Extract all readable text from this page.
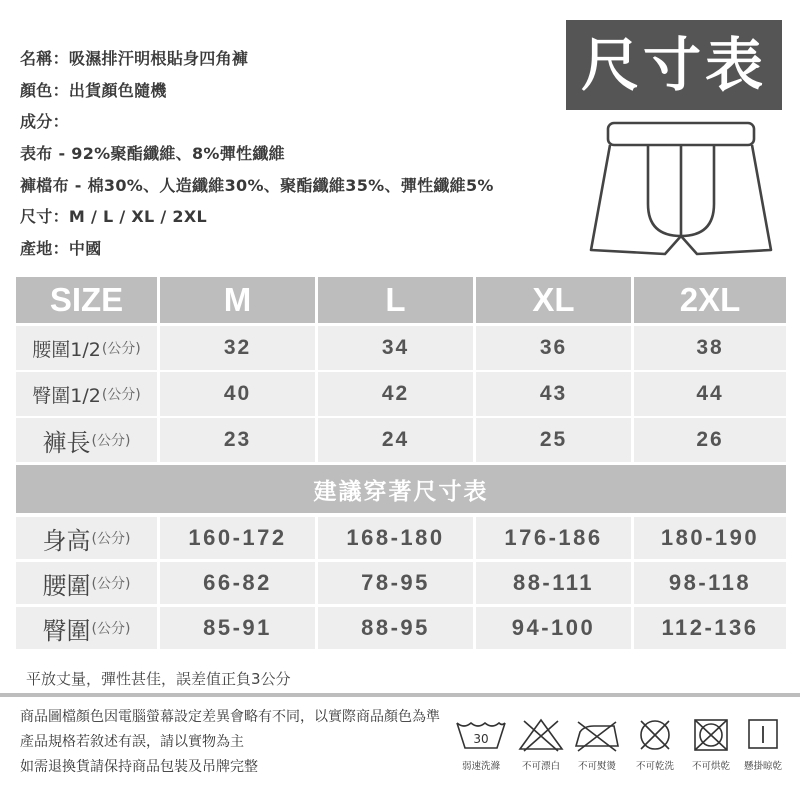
名稱：吸濕排汗明根貼身四角褲
顏色：出貨顏色隨機
成分：
表布 - 92%聚酯纖維、8%彈性纖維
褲檔布 - 棉30%、人造纖維30%、聚酯纖維35%、彈性纖維5%
尺寸：M / L / XL / 2XL
產地：中國
尺寸表
SIZE	M	L	XL	2XL
腰圍1/2 (公分)	32	34	36	38
臀圍1/2 (公分)	40	42	43	44
褲長 (公分)	23	24	25	26
建議穿著尺寸表
身高 (公分)	160-172	168-180	176-186	180-190
腰圍 (公分)	66-82	78-95	88-111	98-118
臀圍 (公分)	85-91	88-95	94-100	112-136
平放丈量，彈性甚佳，誤差值正負3公分
商品圖檔顏色因電腦螢幕設定差異會略有不同，以實際商品顏色為準
產品規格若敘述有誤，請以實物為主
如需退換貨請保持商品包裝及吊牌完整
30
弱速洗滌	不可漂白	不可熨燙	不可乾洗	不可烘乾	懸掛晾乾
